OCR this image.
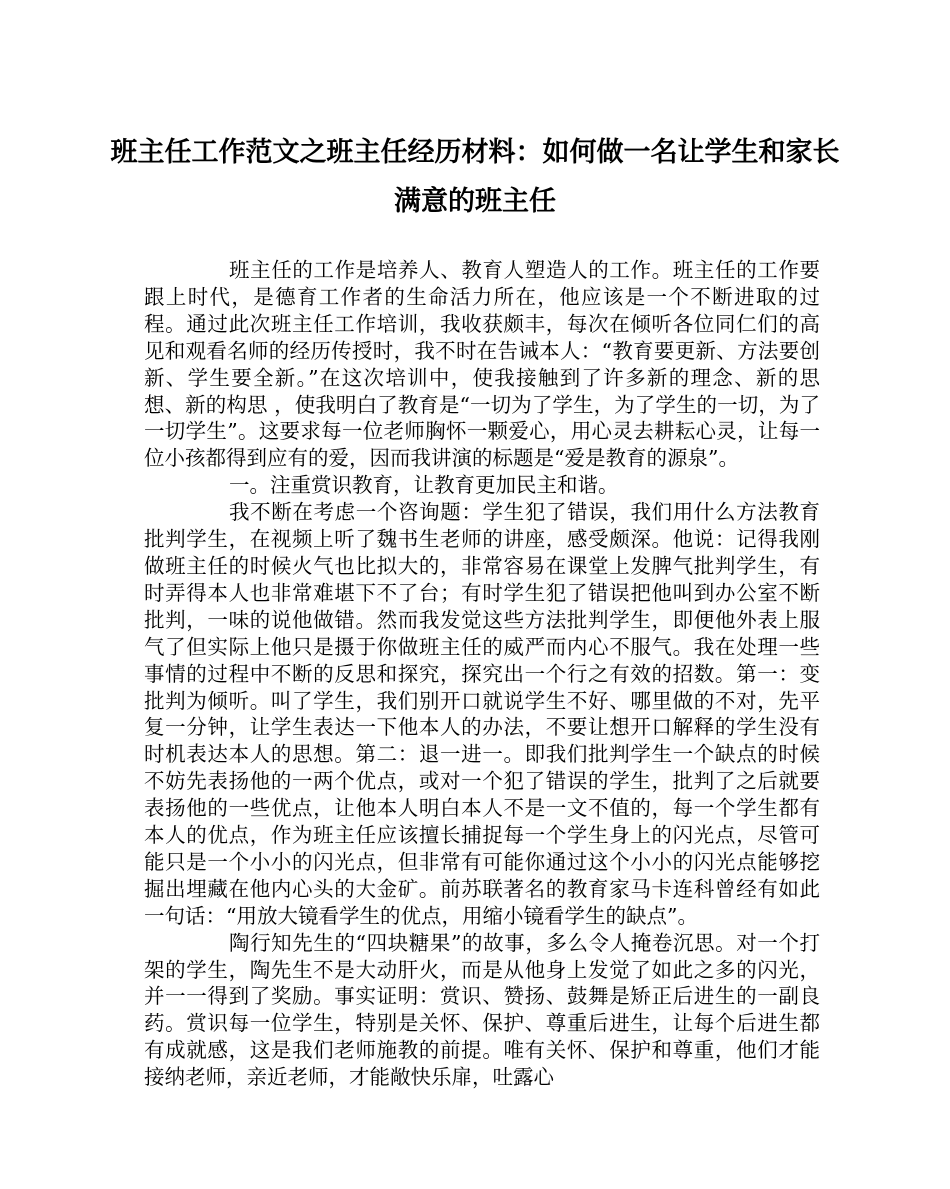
班主任工作范文之班主任经历材料：如何做一名让学生和家长满意的班主任

班主任的工作是培养人、教育人塑造人的工作。班主任的工作要跟上时代，是德育工作者的生命活力所在，他应该是一个不断进取的过程。通过此次班主任工作培训，我收获颇丰，每次在倾听各位同仁们的高见和观看名师的经历传授时，我不时在告诫本人：“教育要更新、方法要创新、学生要全新。”在这次培训中，使我接触到了许多新的理念、新的思想、新的构思 ，使我明白了教育是“一切为了学生，为了学生的一切，为了一切学生”。这要求每一位老师胸怀一颗爱心，用心灵去耕耘心灵，让每一位小孩都得到应有的爱，因而我讲演的标题是“爱是教育的源泉”。

一。注重赏识教育，让教育更加民主和谐。

我不断在考虑一个咨询题：学生犯了错误，我们用什么方法教育批判学生，在视频上听了魏书生老师的讲座，感受颇深。他说：记得我刚做班主任的时候火气也比拟大的，非常容易在课堂上发脾气批判学生，有时弄得本人也非常难堪下不了台；有时学生犯了错误把他叫到办公室不断批判，一味的说他做错。然而我发觉这些方法批判学生，即便他外表上服气了但实际上他只是摄于你做班主任的威严而内心不服气。我在处理一些事情的过程中不断的反思和探究，探究出一个行之有效的招数。第一：变批判为倾听。叫了学生，我们别开口就说学生不好、哪里做的不对，先平复一分钟，让学生表达一下他本人的办法，不要让想开口解释的学生没有时机表达本人的思想。第二：退一进一。即我们批判学生一个缺点的时候不妨先表扬他的一两个优点，或对一个犯了错误的学生，批判了之后就要表扬他的一些优点，让他本人明白本人不是一文不值的，每一个学生都有本人的优点，作为班主任应该擅长捕捉每一个学生身上的闪光点，尽管可能只是一个小小的闪光点，但非常有可能你通过这个小小的闪光点能够挖掘出埋藏在他内心头的大金矿。前苏联著名的教育家马卡连科曾经有如此一句话：“用放大镜看学生的优点，用缩小镜看学生的缺点”。

陶行知先生的“四块糖果”的故事，多么令人掩卷沉思。对一个打架的学生，陶先生不是大动肝火，而是从他身上发觉了如此之多的闪光，并一一得到了奖励。事实证明：赏识、赞扬、鼓舞是矫正后进生的一副良药。赏识每一位学生，特别是关怀、保护、尊重后进生，让每个后进生都有成就感，这是我们老师施教的前提。唯有关怀、保护和尊重，他们才能接纳老师，亲近老师，才能敞快乐扉，吐露心
